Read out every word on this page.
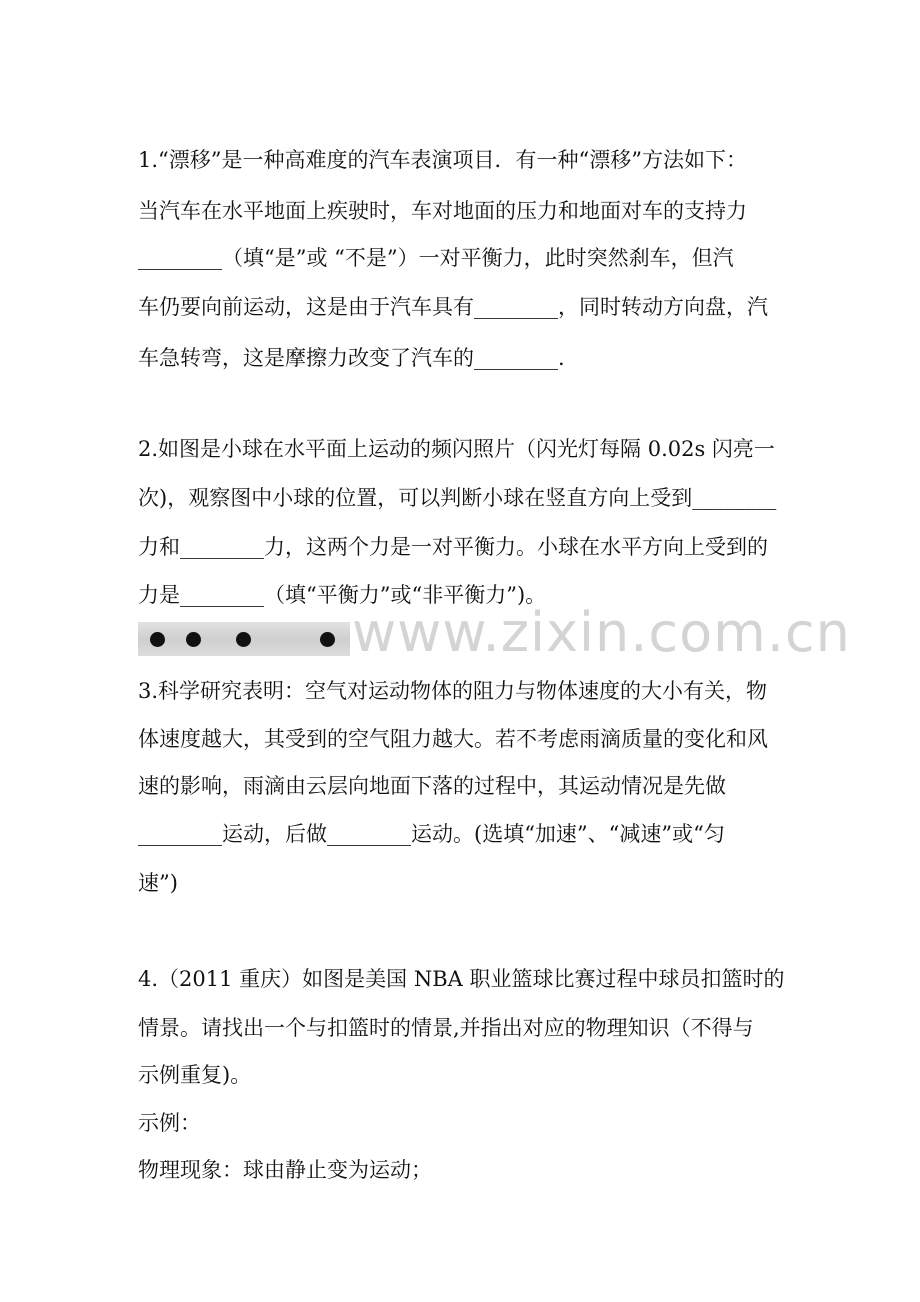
1.“漂移”是一种高难度的汽车表演项目．有一种“漂移”方法如下：
当汽车在水平地面上疾驶时，车对地面的压力和地面对车的支持力
________（填“是”或 “不是”）一对平衡力，此时突然刹车，但汽
车仍要向前运动，这是由于汽车具有________，同时转动方向盘，汽
车急转弯，这是摩擦力改变了汽车的________.
2.如图是小球在水平面上运动的频闪照片（闪光灯每隔 0.02s 闪亮一
次)，观察图中小球的位置，可以判断小球在竖直方向上受到________
力和________力，这两个力是一对平衡力。小球在水平方向上受到的
力是________（填“平衡力”或“非平衡力”)。
www.zixin.com.cn
3.科学研究表明：空气对运动物体的阻力与物体速度的大小有关，物
体速度越大，其受到的空气阻力越大。若不考虑雨滴质量的变化和风
速的影响，雨滴由云层向地面下落的过程中，其运动情况是先做
________运动，后做________运动。(选填“加速”、“减速”或“匀
速”)
4.（2011 重庆）如图是美国 NBA 职业篮球比赛过程中球员扣篮时的
情景。请找出一个与扣篮时的情景,并指出对应的物理知识（不得与
示例重复)。
示例：
物理现象：球由静止变为运动；
